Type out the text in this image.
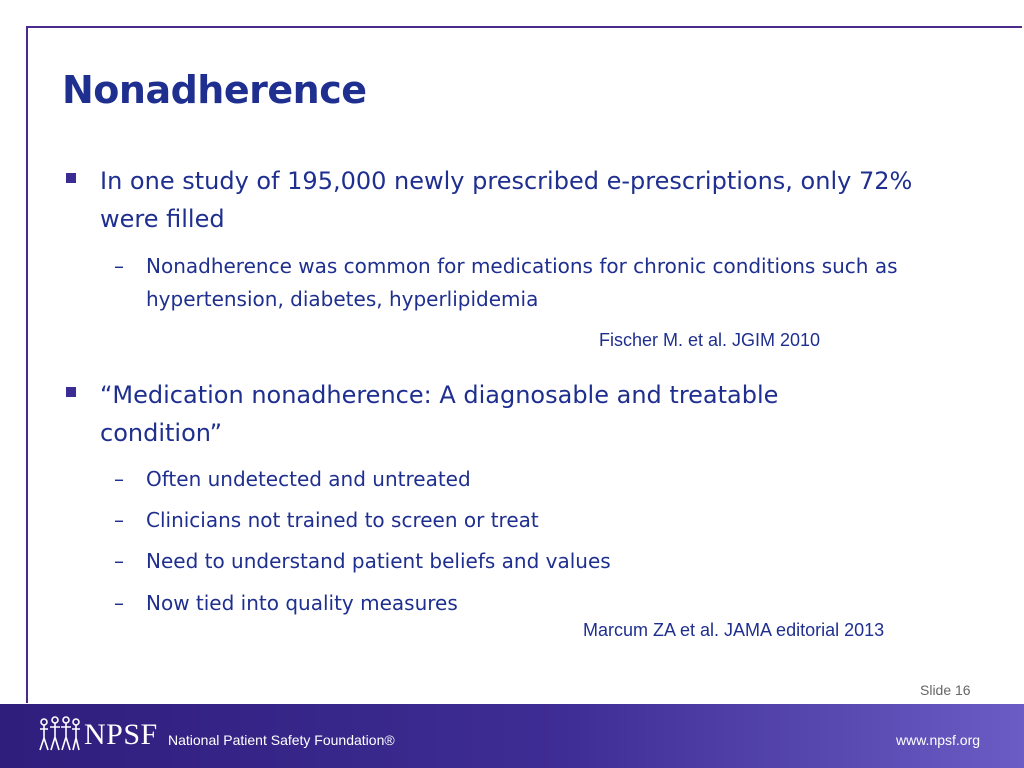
Nonadherence
In one study of 195,000 newly prescribed e-prescriptions, only 72% were filled
– Nonadherence was common for medications for chronic conditions such as hypertension, diabetes, hyperlipidemia
Fischer M. et al. JGIM 2010
“Medication nonadherence: A diagnosable and treatable condition”
– Often undetected and untreated
– Clinicians not trained to screen or treat
– Need to understand patient beliefs and values
– Now tied into quality measures
Marcum ZA et al. JAMA editorial 2013
Slide 16
NPSF National Patient Safety Foundation®	www.npsf.org
